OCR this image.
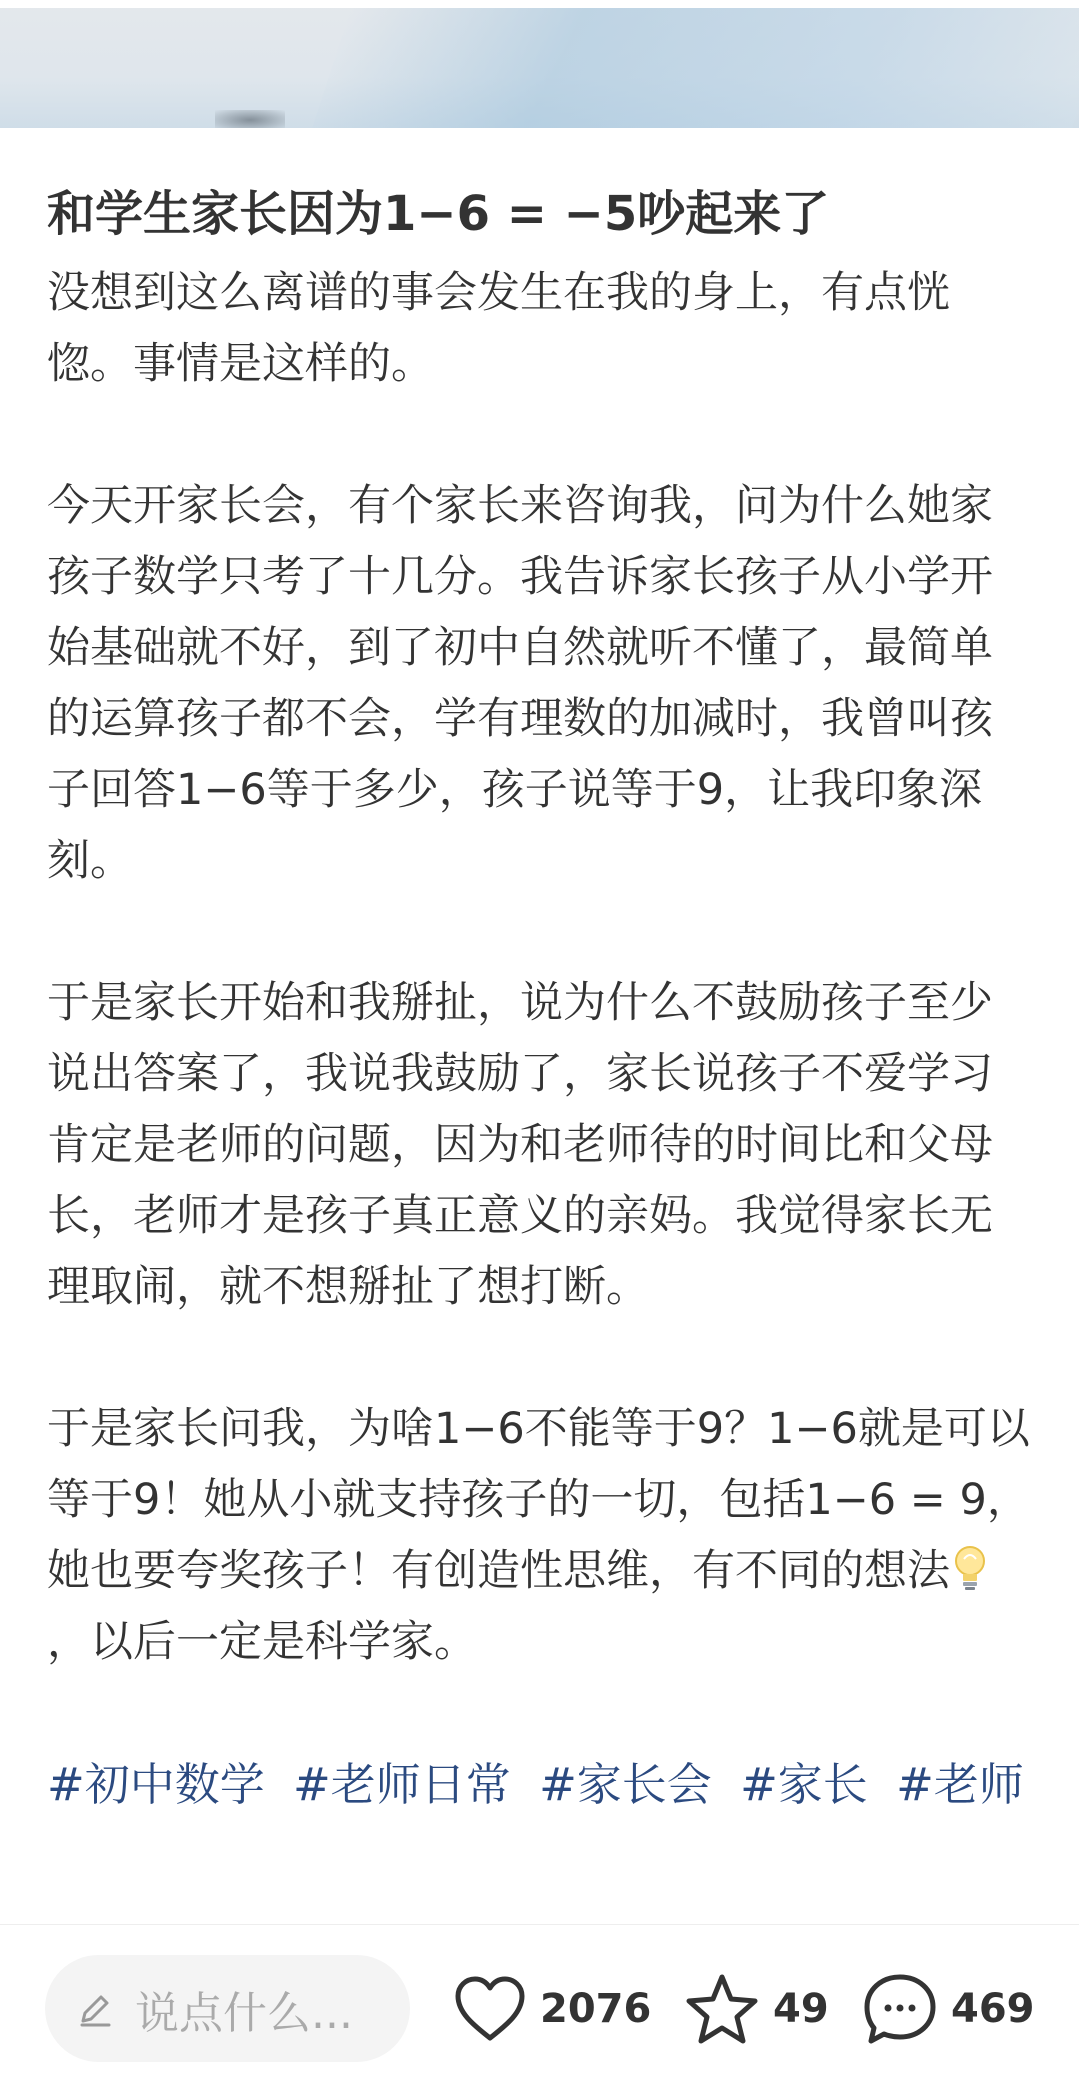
和学生家长因为1−6 = −5吵起来了

没想到这么离谱的事会发生在我的身上，有点恍惚。事情是这样的。

今天开家长会，有个家长来咨询我，问为什么她家孩子数学只考了十几分。我告诉家长孩子从小学开始基础就不好，到了初中自然就听不懂了，最简单的运算孩子都不会，学有理数的加减时，我曾叫孩子回答1−6等于多少，孩子说等于9，让我印象深刻。

于是家长开始和我掰扯，说为什么不鼓励孩子至少说出答案了，我说我鼓励了，家长说孩子不爱学习肯定是老师的问题，因为和老师待的时间比和父母长，老师才是孩子真正意义的亲妈。我觉得家长无理取闹，就不想掰扯了想打断。

于是家长问我，为啥1−6不能等于9？1−6就是可以等于9！她从小就支持孩子的一切，包括1−6 = 9，她也要夸奖孩子！有创造性思维，有不同的想法，以后一定是科学家。

#初中数学 #老师日常 #家长会 #家长 #老师
说点什么...	2076	49	469
